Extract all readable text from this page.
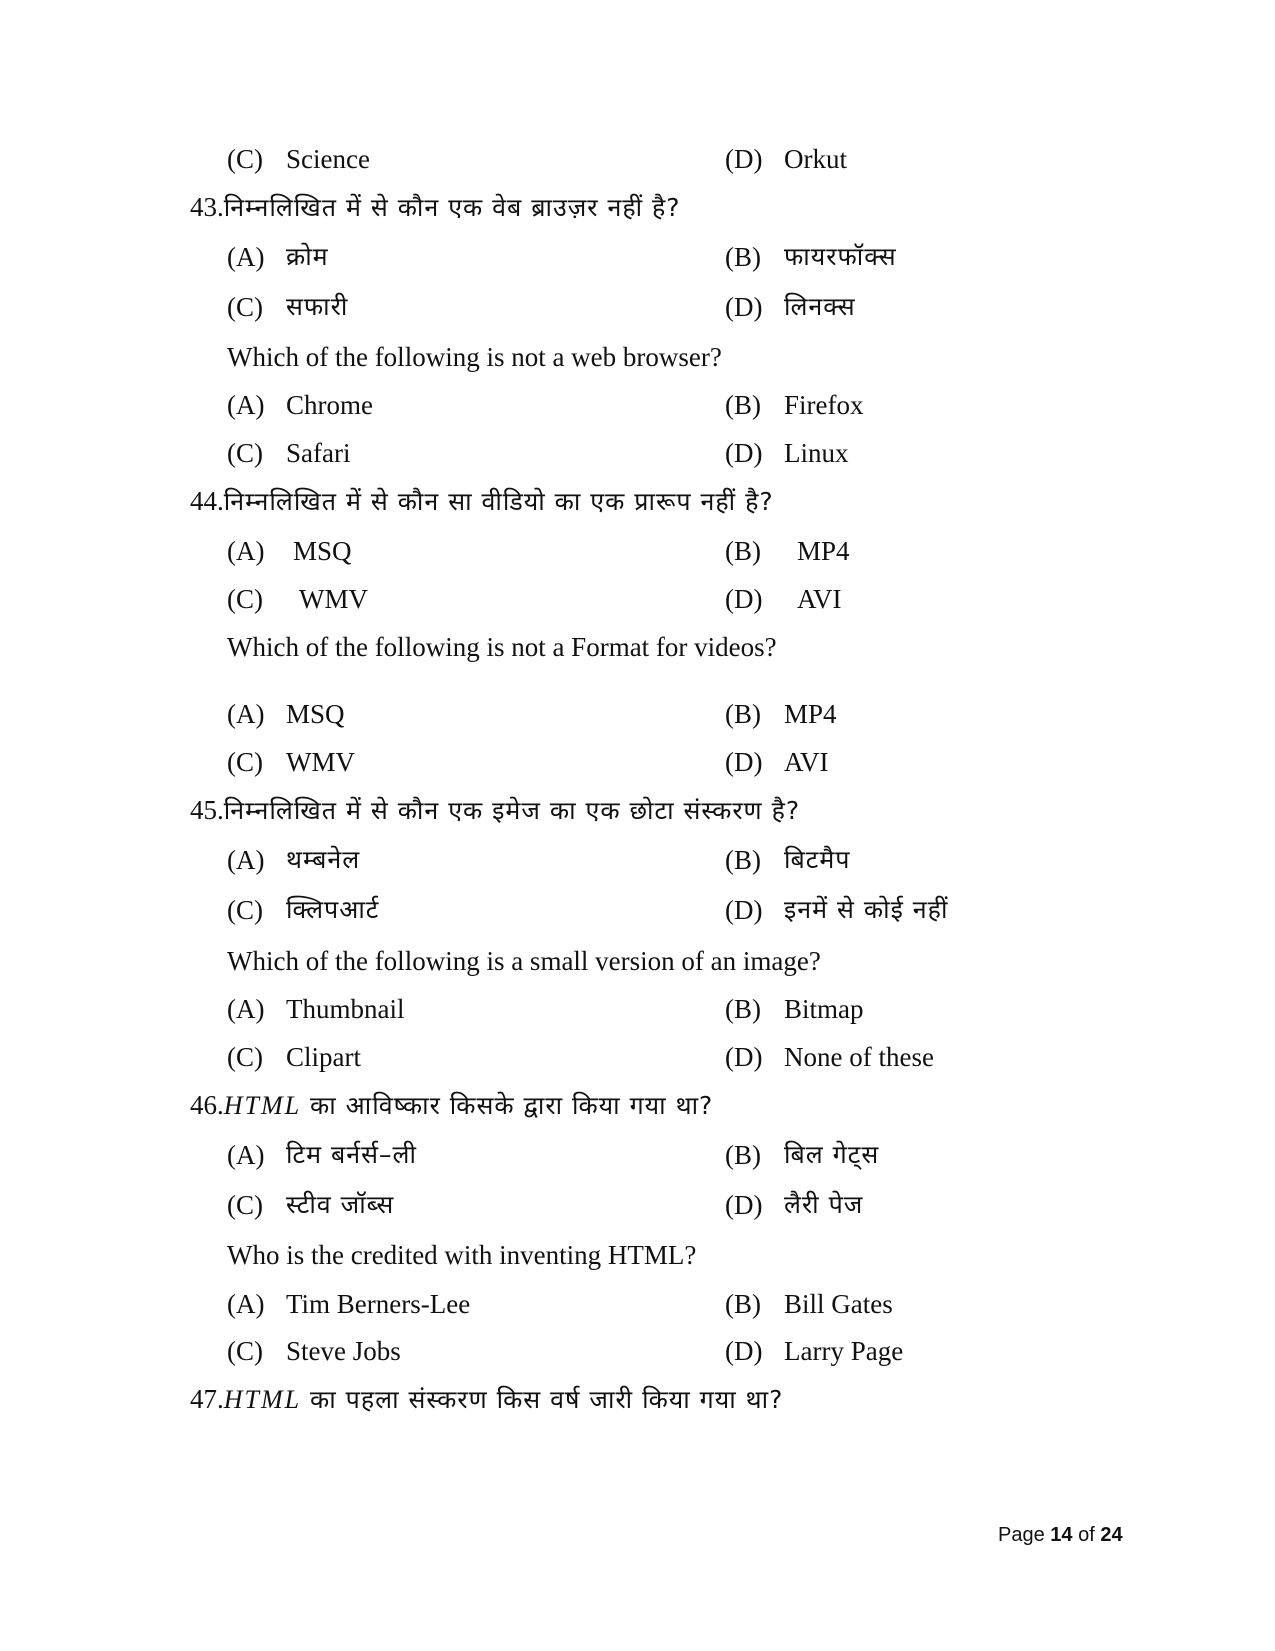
(C) Science	(D) Orkut
43.निम्नलिखित में से कौन एक वेब ब्राउज़र नहीं है?
(A) क्रोम	(B) फायरफॉक्स
(C) सफारी	(D) लिनक्स
Which of the following is not a web browser?
(A) Chrome	(B) Firefox
(C) Safari	(D) Linux
44.निम्नलिखित में से कौन सा वीडियो का एक प्रारूप नहीं है?
(A) MSQ	(B) MP4
(C) WMV	(D) AVI
Which of the following is not a Format for videos?
(A) MSQ	(B) MP4
(C) WMV	(D) AVI
45.निम्नलिखित में से कौन एक इमेज का एक छोटा संस्करण है?
(A) थम्बनेल	(B) बिटमैप
(C) क्लिपआर्ट	(D) इनमें से कोई नहीं
Which of the following is a small version of an image?
(A) Thumbnail	(B) Bitmap
(C) Clipart	(D) None of these
46.HTML का आविष्कार किसके द्वारा किया गया था?
(A) टिम बर्नर्स–ली	(B) बिल गेट्स
(C) स्टीव जॉब्स	(D) लैरी पेज
Who is the credited with inventing HTML?
(A) Tim Berners-Lee	(B) Bill Gates
(C) Steve Jobs	(D) Larry Page
47.HTML का पहला संस्करण किस वर्ष जारी किया गया था?
Page 14 of 24
